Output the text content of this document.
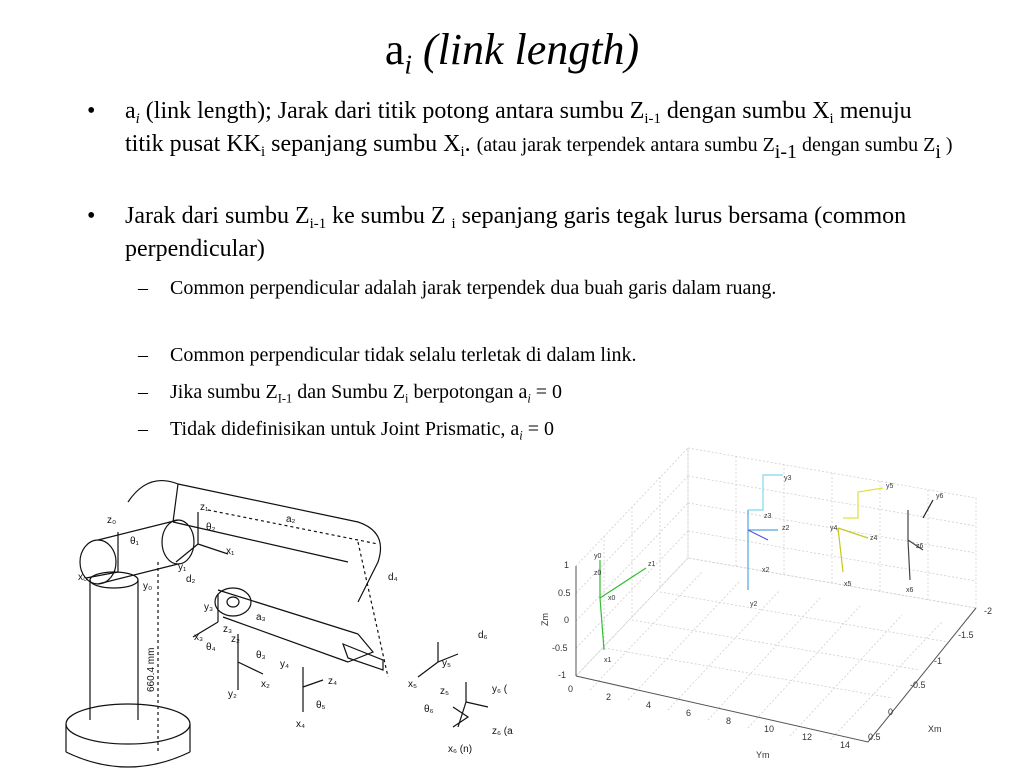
$a_i$ (link length)
• $a_i$ (link length); Jarak dari titik potong antara sumbu $Z_{i-1}$ dengan sumbu $X_i$ menuju titik pusat $KK_i$ sepanjang sumbu $X_i$. (atau jarak terpendek antara sumbu $Z_{i-1}$ dengan sumbu $Z_i$ )
• Jarak dari sumbu $Z_{i-1}$ ke sumbu Z $_i$ sepanjang garis tegak lurus bersama (common perpendicular)
– Common perpendicular adalah jarak terpendek dua buah garis dalam ruang.
– Common perpendicular tidak selalu terletak di dalam link.
– Jika sumbu $Z_{I-1}$ dan Sumbu $Z_i$ berpotongan $a_i = 0$
– Tidak didefinisikan untuk Joint Prismatic, $a_i = 0$
z₀
x₀
y₀
θ₁
z₁
x₁
y₁
θ₂
d₂
a₂
a₃
d₄
d₆
x₃
y₃
z₃
θ₄
y₂
x₂
z₂
θ₃
y₄
x₄
z₄
θ₅
y₅
x₅
z₅
θ₆
y₆ (
x₆ (n)
z₆ (a
660.4 mm
1
0.5
0
-0.5
-1
Zm
0
2
4
6
8
10
12
14
Ym
-2
-1.5
-1
-0.5
0
0.5
Xm
y0
z0
x0
z1
x1
y2
z2
x2
y3
z3
y4
z4
x5
y5
z6
y6
x6
